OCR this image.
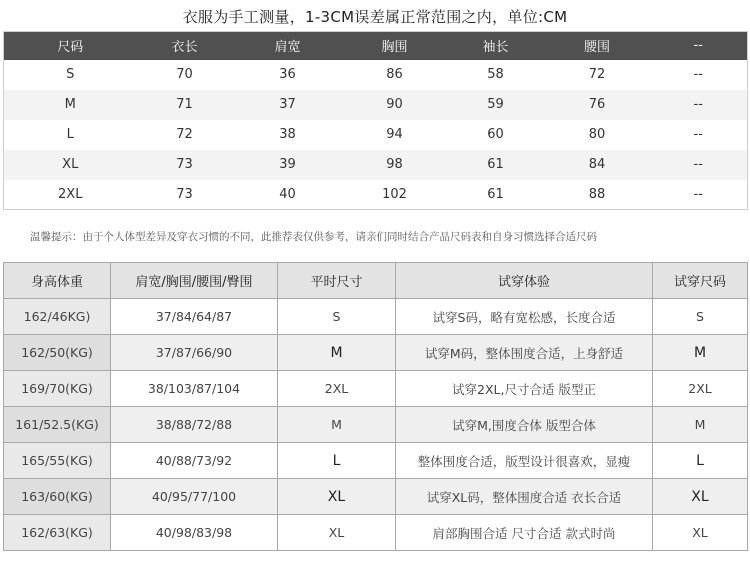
衣服为手工测量，1-3CM误差属正常范围之内，单位:CM
尺码	衣长	肩宽	胸围	袖长	腰围	--
S	70	36	86	58	72	--
M	71	37	90	59	76	--
L	72	38	94	60	80	--
XL	73	39	98	61	84	--
2XL	73	40	102	61	88	--
温馨提示：由于个人体型差异及穿衣习惯的不同，此推荐表仅供参考，请亲们同时结合产品尺码表和自身习惯选择合适尺码
身高体重	肩宽/胸围/腰围/臀围	平时尺寸	试穿体验	试穿尺码
162/46KG)	37/84/64/87	S	试穿S码，略有宽松感，长度合适	S
162/50(KG)	37/87/66/90	M	试穿M码，整体围度合适，上身舒适	M
169/70(KG)	38/103/87/104	2XL	试穿2XL,尺寸合适 版型正	2XL
161/52.5(KG)	38/88/72/88	M	试穿M,围度合体 版型合体	M
165/55(KG)	40/88/73/92	L	整体围度合适，版型设计很喜欢，显瘦	L
163/60(KG)	40/95/77/100	XL	试穿XL码，整体围度合适 衣长合适	XL
162/63(KG)	40/98/83/98	XL	肩部胸围合适 尺寸合适 款式时尚	XL
